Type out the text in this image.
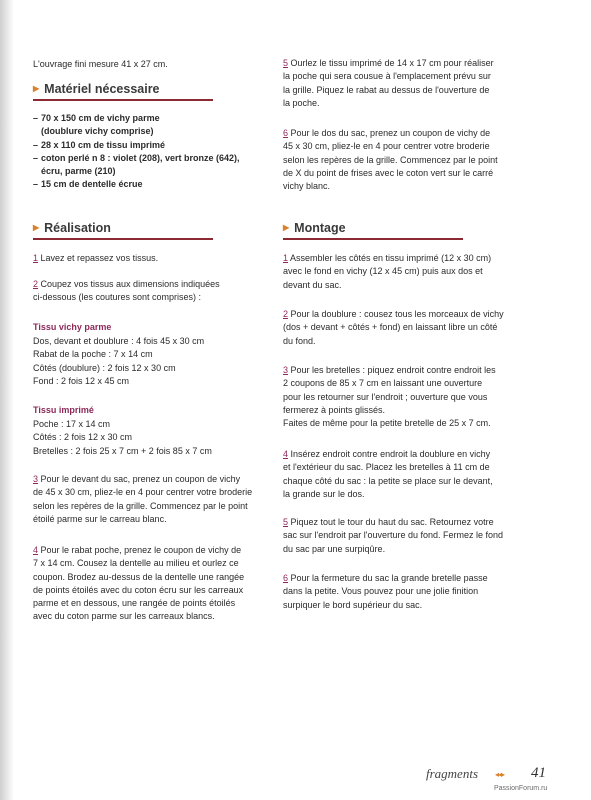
L'ouvrage fini mesure 41 x 27 cm.

▶ Matériel nécessaire
– 70 x 150 cm de vichy parme
(doublure vichy comprise)
– 28 x 110 cm de tissu imprimé
– coton perlé n 8 : violet (208), vert bronze (642),
écru, parme (210)
– 15 cm de dentelle écrue
▶ Réalisation

1 Lavez et repassez vos tissus.

2 Coupez vos tissus aux dimensions indiquées
ci-dessous (les coutures sont comprises) :

Tissu vichy parme

Dos, devant et doublure : 4 fois 45 x 30 cm
Rabat de la poche : 7 x 14 cm
Côtés (doublure) : 2 fois 12 x 30 cm
Fond : 2 fois 12 x 45 cm

Tissu imprimé

Poche : 17 x 14 cm
Côtés : 2 fois 12 x 30 cm
Bretelles : 2 fois 25 x 7 cm + 2 fois 85 x 7 cm

3 Pour le devant du sac, prenez un coupon de vichy
de 45 x 30 cm, pliez-le en 4 pour centrer votre broderie
selon les repères de la grille. Commencez par le point
étoilé parme sur le carreau blanc.

4 Pour le rabat poche, prenez le coupon de vichy de
7 x 14 cm. Cousez la dentelle au milieu et ourlez ce
coupon. Brodez au-dessus de la dentelle une rangée
de points étoilés avec du coton écru sur les carreaux
parme et en dessous, une rangée de points étoilés
avec du coton parme sur les carreaux blancs.

5 Ourlez le tissu imprimé de 14 x 17 cm pour réaliser
la poche qui sera cousue à l'emplacement prévu sur
la grille. Piquez le rabat au dessus de l'ouverture de
la poche.

6 Pour le dos du sac, prenez un coupon de vichy de
45 x 30 cm, pliez-le en 4 pour centrer votre broderie
selon les repères de la grille. Commencez par le point
de X du point de frises avec le coton vert sur le carré
vichy blanc.

▶ Montage

1 Assembler les côtés en tissu imprimé (12 x 30 cm)
avec le fond en vichy (12 x 45 cm) puis aux dos et
devant du sac.

2 Pour la doublure : cousez tous les morceaux de vichy
(dos + devant + côtés + fond) en laissant libre un côté
du fond.

3 Pour les bretelles : piquez endroit contre endroit les
2 coupons de 85 x 7 cm en laissant une ouverture
pour les retourner sur l'endroit ; ouverture que vous
fermerez à points glissés.
Faites de même pour la petite bretelle de 25 x 7 cm.

4 Insérez endroit contre endroit la doublure en vichy
et l'extérieur du sac. Placez les bretelles à 11 cm de
chaque côté du sac : la petite se place sur le devant,
la grande sur le dos.

5 Piquez tout le tour du haut du sac. Retournez votre
sac sur l'endroit par l'ouverture du fond. Fermez le fond
du sac par une surpiqûre.

6 Pour la fermeture du sac la grande bretelle passe
dans la petite. Vous pouvez pour une jolie finition
surpiquer le bord supérieur du sac.

fragments ◂◂▸ 41
PassionForum.ru
